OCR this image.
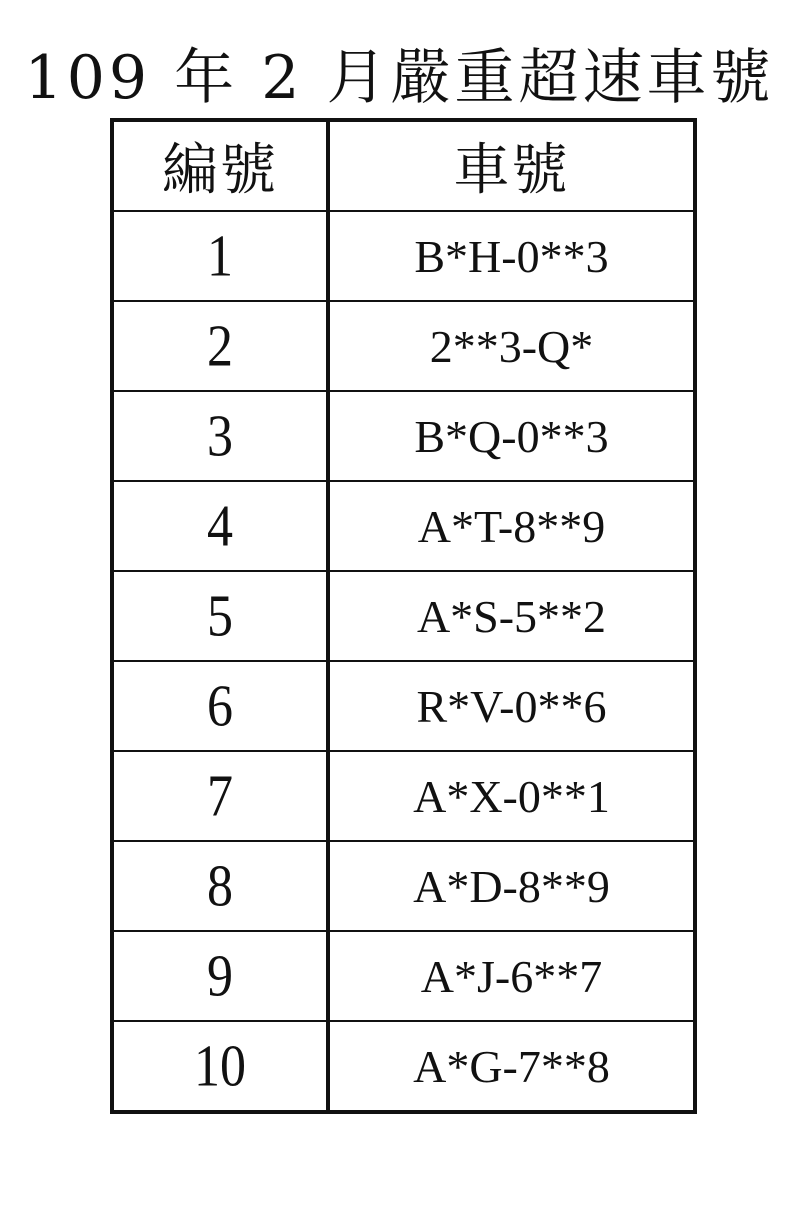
109 年 2 月嚴重超速車號
編號	車號
1	B*H-0**3
2	2**3-Q*
3	B*Q-0**3
4	A*T-8**9
5	A*S-5**2
6	R*V-0**6
7	A*X-0**1
8	A*D-8**9
9	A*J-6**7
10	A*G-7**8
